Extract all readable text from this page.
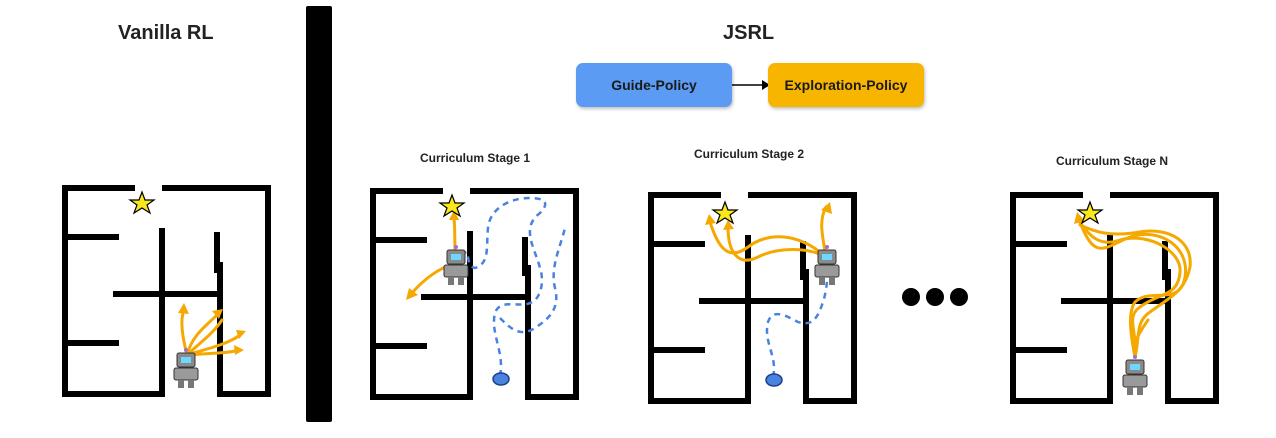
Vanilla RL	JSRL
Guide-Policy	Exploration-Policy
Curriculum Stage 1	Curriculum Stage 2	Curriculum Stage N
